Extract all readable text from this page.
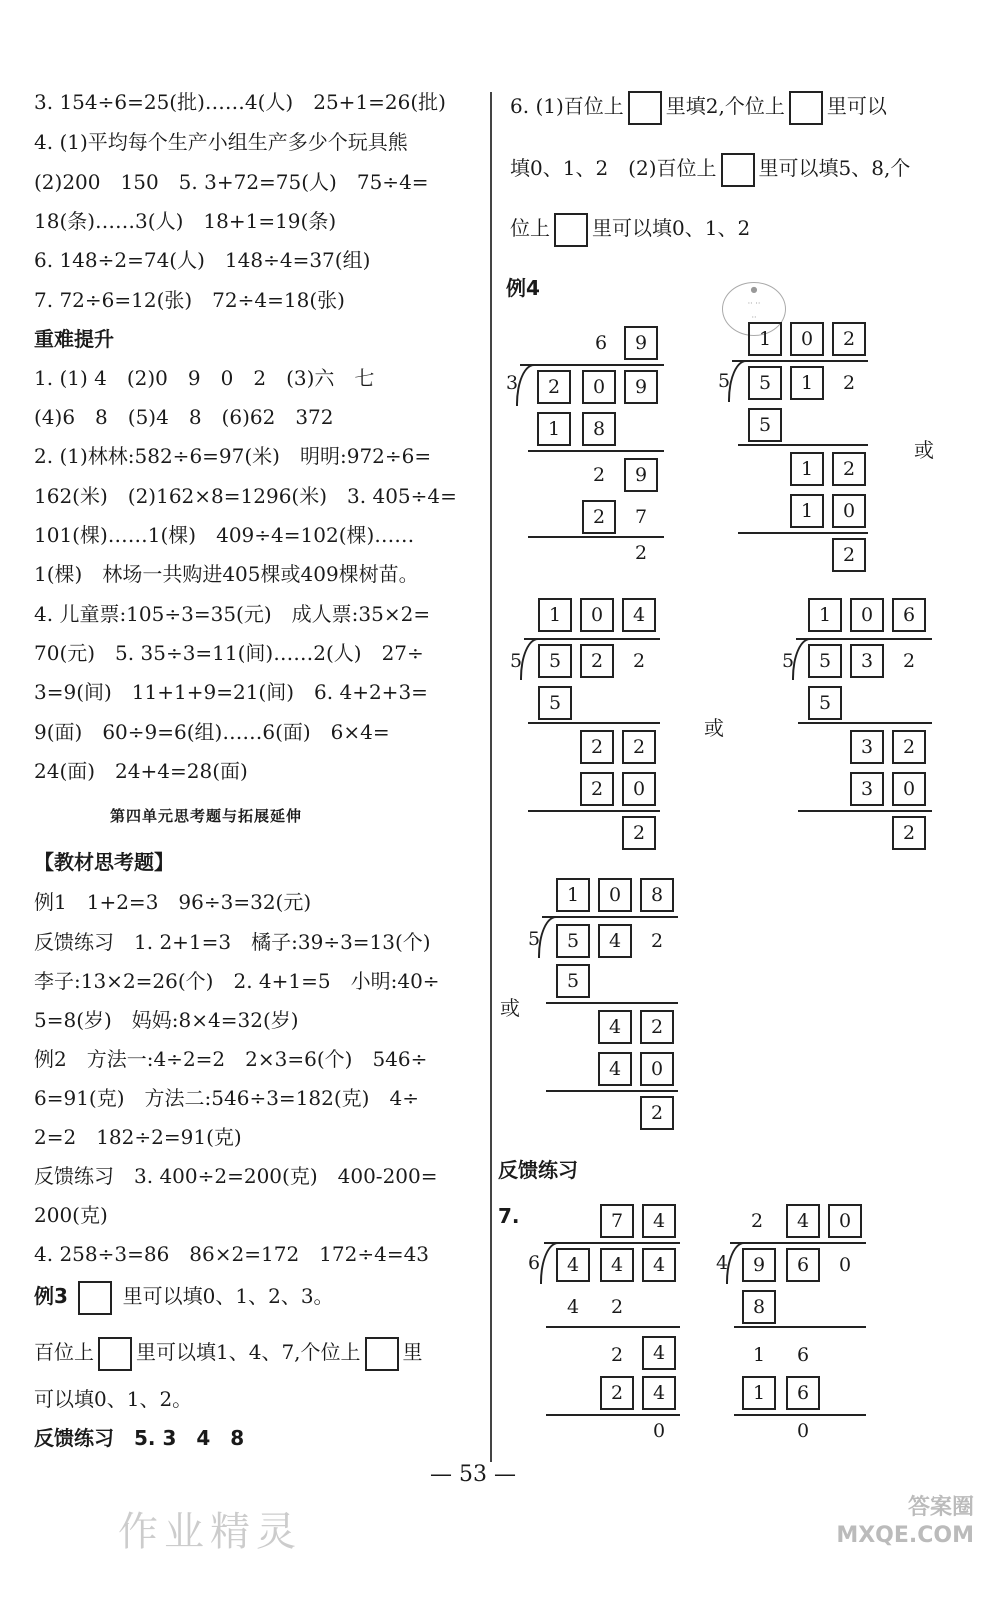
3. 154÷6=25(批)……4(人)　25+1=26(批)
4. (1)平均每个生产小组生产多少个玩具熊
(2)200　150　5. 3+72=75(人)　75÷4=
18(条)……3(人)　18+1=19(条)
6. 148÷2=74(人)　148÷4=37(组)
7. 72÷6=12(张)　72÷4=18(张)
重难提升
1. (1) 4　(2)0　9　0　2　(3)六　七
(4)6　8　(5)4　8　(6)62　372
2. (1)林林:582÷6=97(米)　明明:972÷6=
162(米)　(2)162×8=1296(米)　3. 405÷4=
101(棵)……1(棵)　409÷4=102(棵)……
1(棵)　林场一共购进405棵或409棵树苗。
4. 儿童票:105÷3=35(元)　成人票:35×2=
70(元)　5. 35÷3=11(间)……2(人)　27÷
3=9(间)　11+1+9=21(间)　6. 4+2+3=
9(面)　60÷9=6(组)……6(面)　6×4=
24(面)　24+4=28(面)
第四单元思考题与拓展延伸
【教材思考题】
例1　1+2=3　96÷3=32(元)
反馈练习　1. 2+1=3　橘子:39÷3=13(个)
李子:13×2=26(个)　2. 4+1=5　小明:40÷
5=8(岁)　妈妈:8×4=32(岁)
例2　方法一:4÷2=2　2×3=6(个)　546÷
6=91(克)　方法二:546÷3=182(克)　4÷
2=2　182÷2=91(克)
反馈练习　3. 400÷2=200(克)　400-200=
200(克)
4. 258÷3=86　86×2=172　172÷4=43
例3	里可以填0、1、2、3。
百位上 里可以填1、4、7,个位上 里
可以填0、1、2。
反馈练习　5. 3　4　8
6. (1)百位上 里填2,个位上 里可以
填0、1、2　(2)百位上 里可以填5、8,个
位上 里可以填0、1、2
例4	●
·· ··
··
6	9
3	2	0	9
1	8
2	9
2	7
2
1	0	2
5	5	1	2
5
1	2
1	0
2
或
1	0	4
5	5	2	2
5
2	2
2	0
2
或
1	0	6
5	5	3	2
5
3	2
3	0
2
1	0	8
5	5	4	2
5
4	2
4	0
2
或
反馈练习
7.	7	4
6	4	4	4
4	2
2	4
2	4
0
2	4	0
4	9	6	0
8
1	6
1	6
0
— 53 —
作业精灵
答案圈
MXQE.COM
